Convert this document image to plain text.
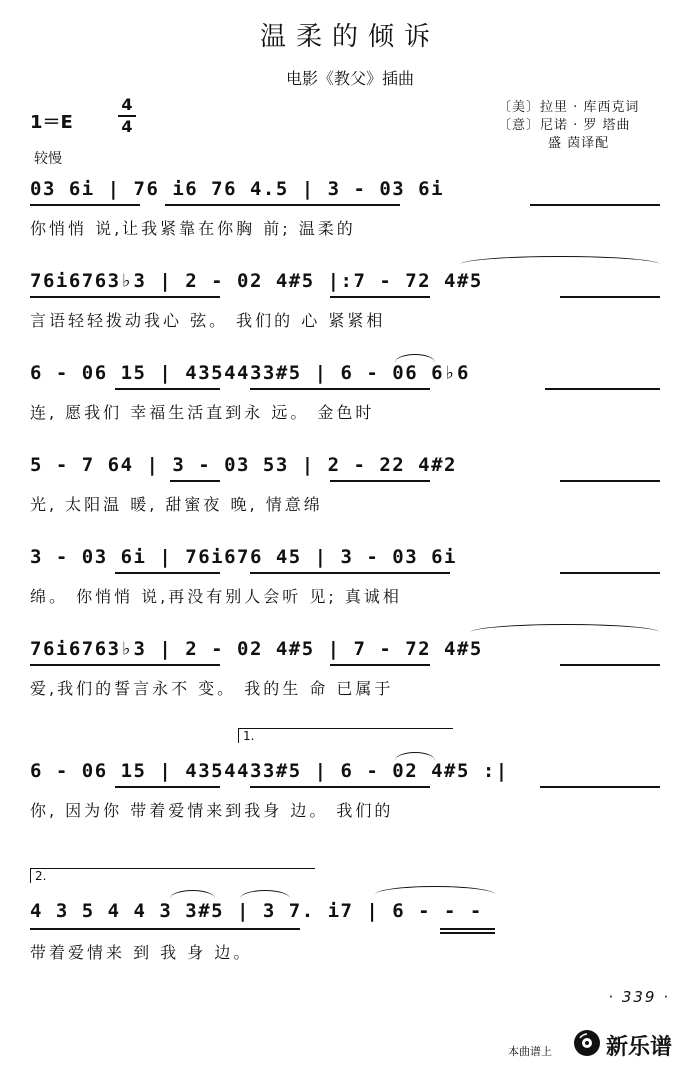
温柔的倾诉
电影《教父》插曲
〔美〕拉里 · 库西克词
〔意〕尼诺 · 罗 塔曲
盛 茵译配
1＝E
4
4
较慢
03 6i | 76 i6 76 4.5 | 3 - 03 6i
你悄悄 说,让我紧靠在你胸 前; 温柔的
76i6763♭3 | 2 - 02 4#5 |:7 - 72 4#5
言语轻轻拨动我心 弦。 我们的 心 紧紧相
6 - 06 15 | 4354433#5 | 6 - 06 6♭6
连, 愿我们 幸福生活直到永 远。 金色时
5 - 7 64 | 3 - 03 53 | 2 - 22 4#2
光, 太阳温 暖, 甜蜜夜 晚, 情意绵
3 - 03 6i | 76i676 45 | 3 - 03 6i
绵。 你悄悄 说,再没有别人会听 见; 真诚相
76i6763♭3 | 2 - 02 4#5 | 7 - 72 4#5
爱,我们的誓言永不 变。 我的生 命 已属于
1.
6 - 06 15 | 4354433#5 | 6 - 02 4#5 :|
你, 因为你 带着爱情来到我身 边。 我们的
2.
4 3 5 4 4 3 3#5 | 3 7. i7 | 6 - - -
带着爱情来 到 我 身 边。
· 339 ·
本曲谱上 新乐谱
